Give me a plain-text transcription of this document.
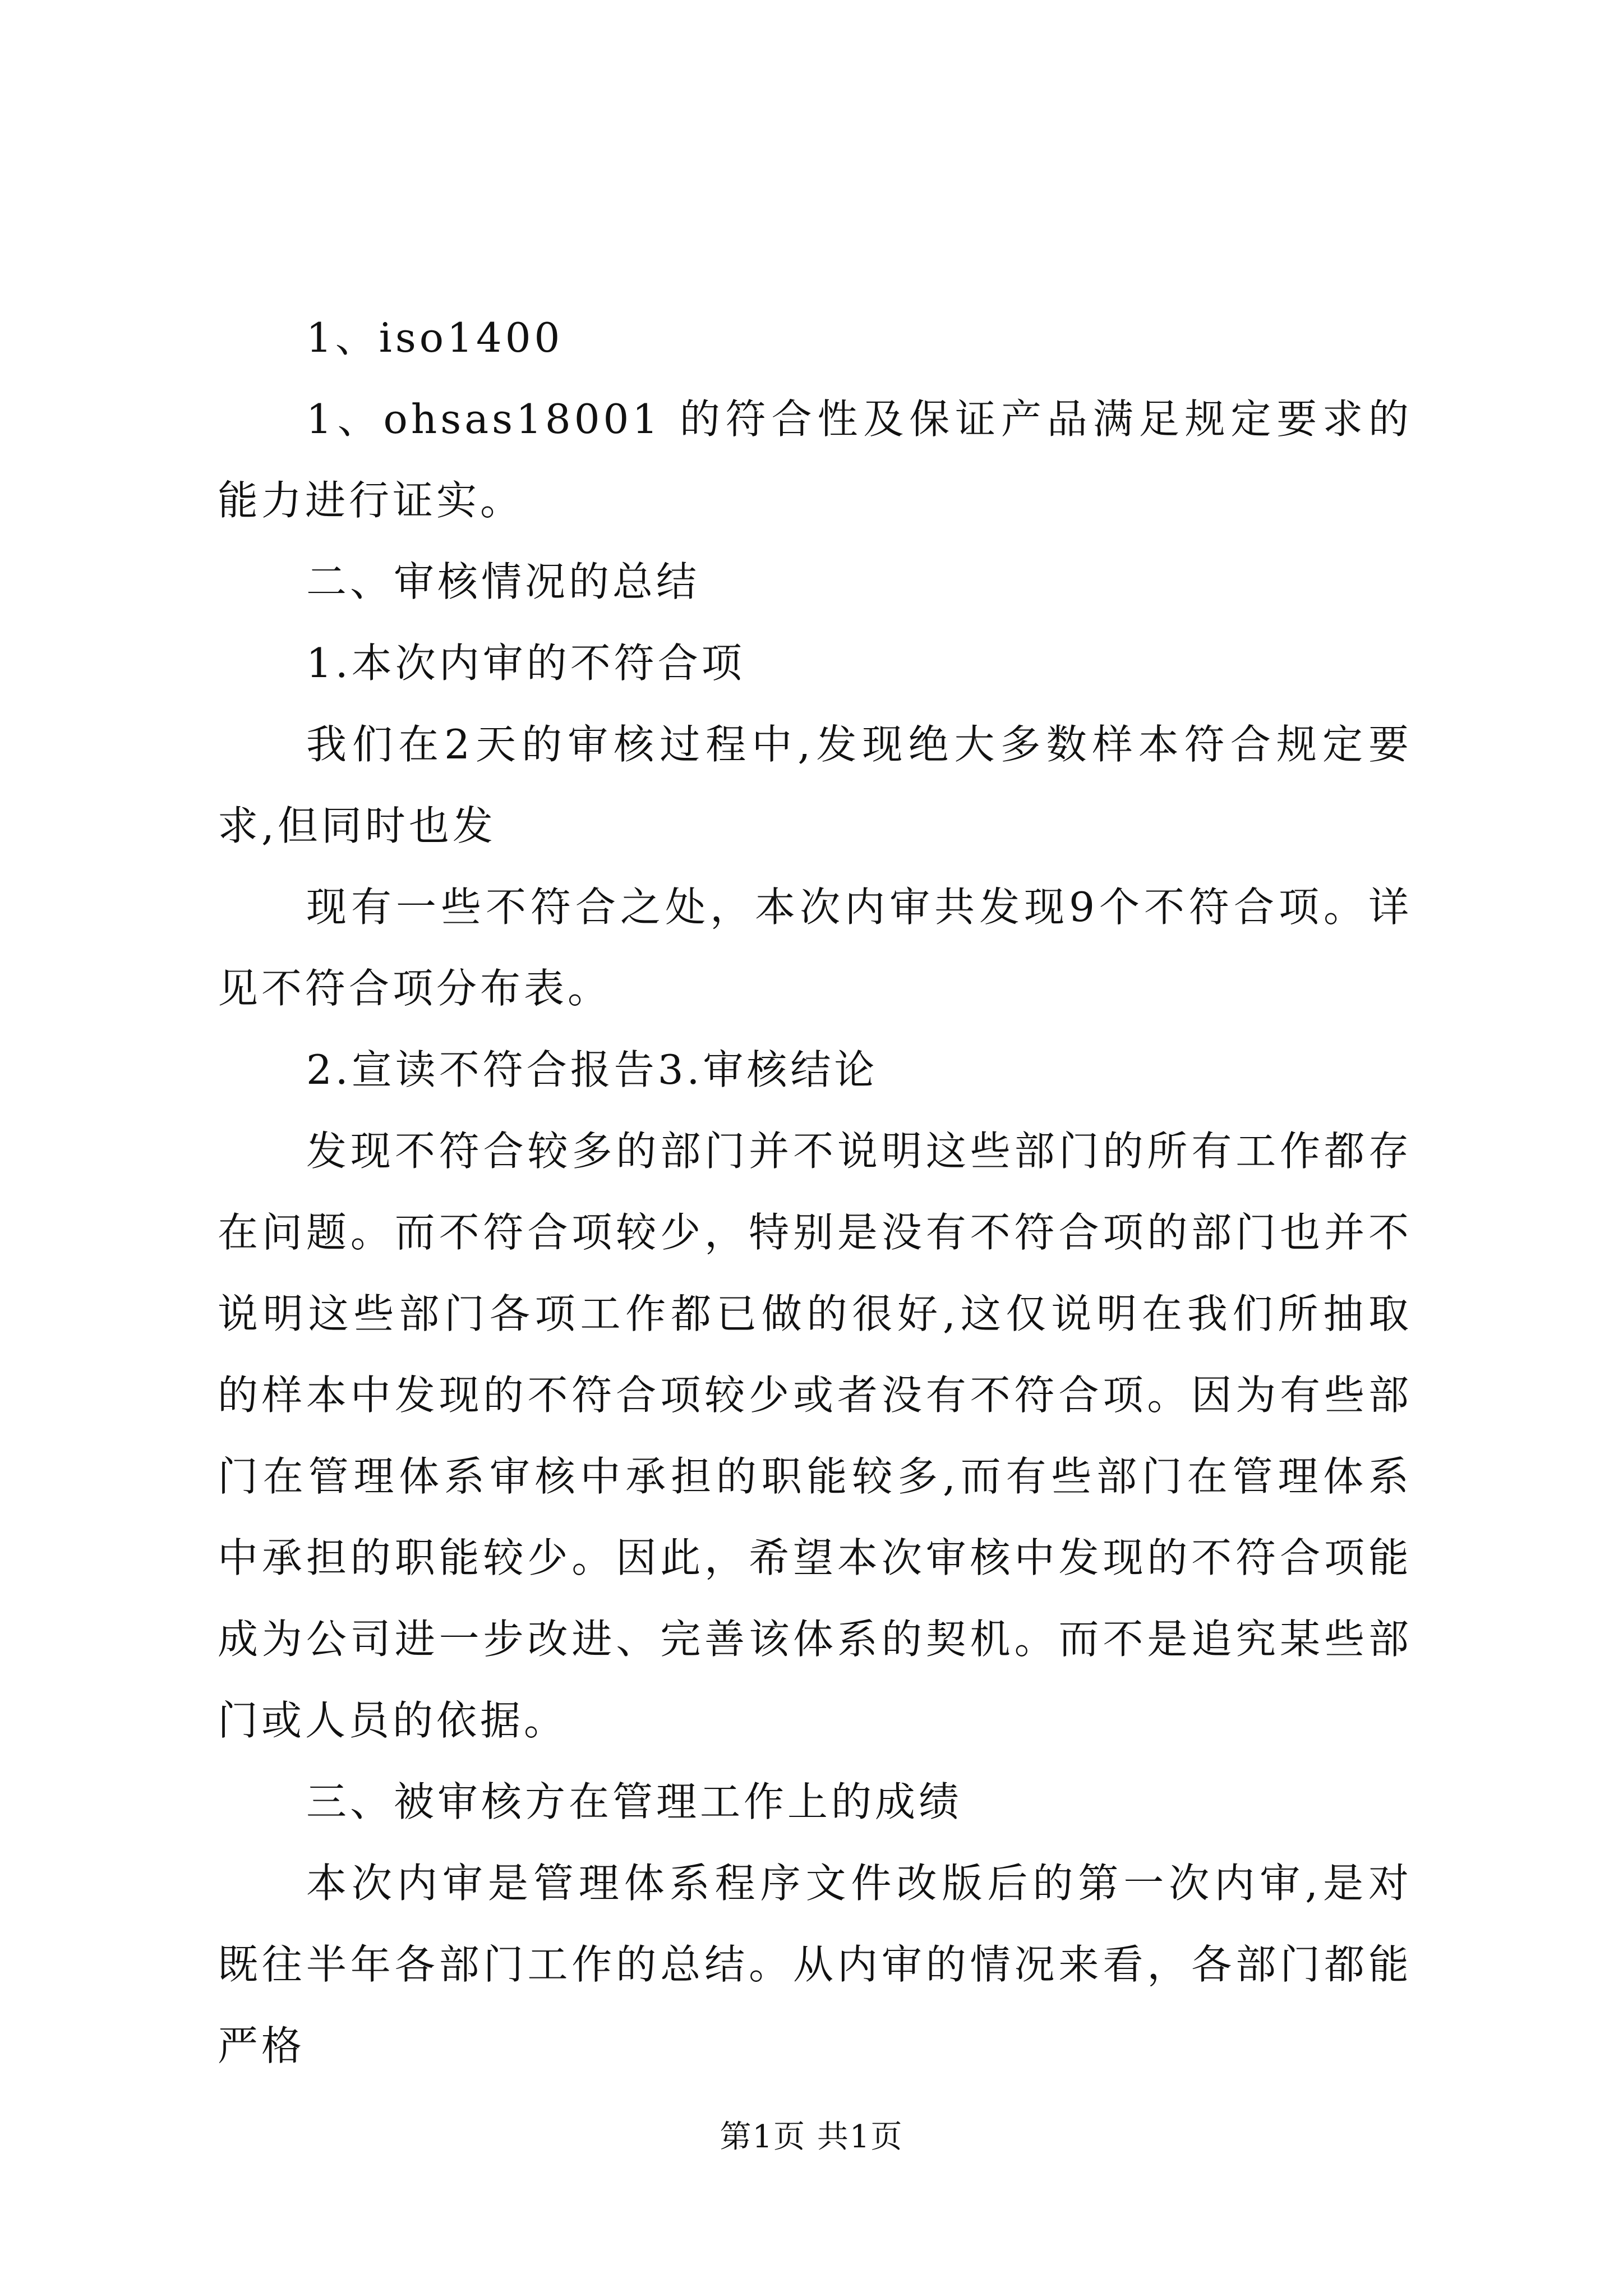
1、iso1400

1、ohsas18001 的符合性及保证产品满足规定要求的能力进行证实。

二、审核情况的总结

1.本次内审的不符合项

我们在2天的审核过程中,发现绝大多数样本符合规定要求,但同时也发

现有一些不符合之处，本次内审共发现9个不符合项。详见不符合项分布表。

2.宣读不符合报告3.审核结论

发现不符合较多的部门并不说明这些部门的所有工作都存在问题。而不符合项较少，特别是没有不符合项的部门也并不说明这些部门各项工作都已做的很好,这仅说明在我们所抽取的样本中发现的不符合项较少或者没有不符合项。因为有些部门在管理体系审核中承担的职能较多,而有些部门在管理体系中承担的职能较少。因此，希望本次审核中发现的不符合项能成为公司进一步改进、完善该体系的契机。而不是追究某些部门或人员的依据。

三、被审核方在管理工作上的成绩

本次内审是管理体系程序文件改版后的第一次内审,是对既往半年各部门工作的总结。从内审的情况来看，各部门都能严格

第1页 共1页
